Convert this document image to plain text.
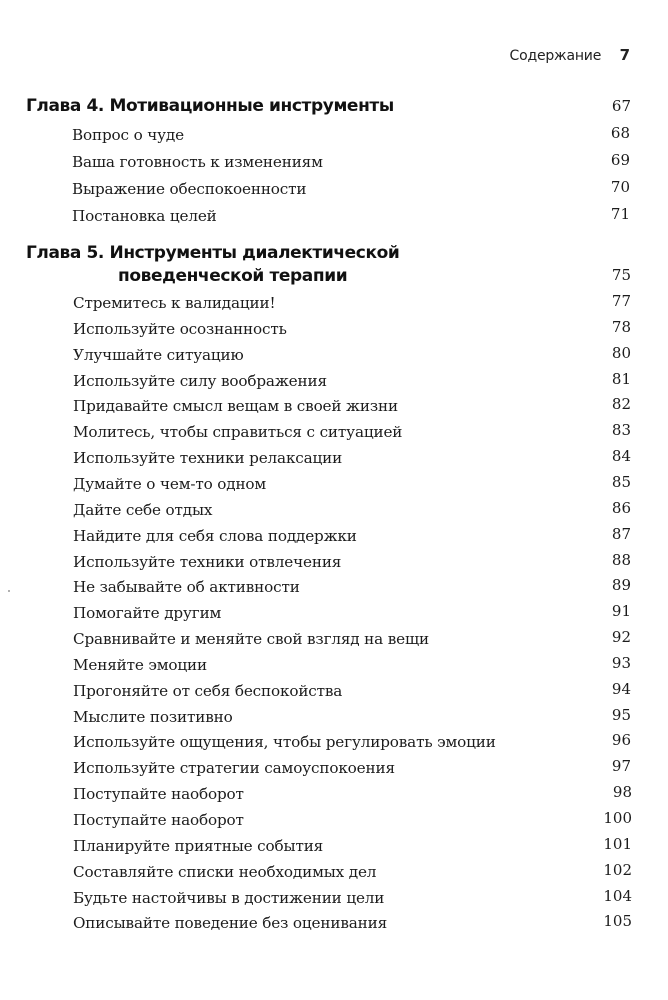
Содержание 7
Глава 4. Мотивационные инструменты	67
Вопрос о чуде	68
Ваша готовность к изменениям	69
Выражение обеспокоенности	70
Постановка целей	71
Глава 5. Инструменты диалектической
поведенческой терапии	75
Стремитесь к валидации!	77
Используйте осознанность	78
Улучшайте ситуацию	80
Используйте силу воображения	81
Придавайте смысл вещам в своей жизни	82
Молитесь, чтобы справиться с ситуацией	83
Используйте техники релаксации	84
Думайте о чем-то одном	85
Дайте себе отдых	86
Найдите для себя слова поддержки	87
Используйте техники отвлечения	88
Не забывайте об активности	89
Помогайте другим	91
Сравнивайте и меняйте свой взгляд на вещи	92
Меняйте эмоции	93
Прогоняйте от себя беспокойства	94
Мыслите позитивно	95
Используйте ощущения, чтобы регулировать эмоции	96
Используйте стратегии самоуспокоения	97
Поступайте наоборот	98
Поступайте наоборот	100
Планируйте приятные события	101
Составляйте списки необходимых дел	102
Будьте настойчивы в достижении цели	104
Описывайте поведение без оценивания	105
